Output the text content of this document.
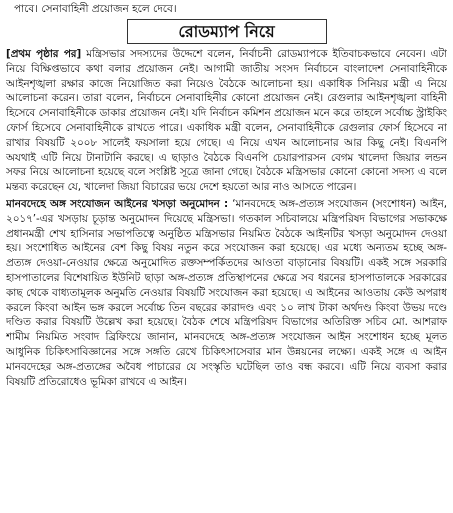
পাবে। সেনাবাহিনী প্রয়োজন হলে দেবে।
রোডম্যাপ নিয়ে

[প্রথম পৃষ্ঠার পর] মন্ত্রিসভার সদস্যদের উদ্দেশে বলেন, নির্বাচনী রোডম্যাপকে ইতিবাচকভাবে নেবেন। এটা নিয়ে বিক্ষিপ্তভাবে কথা বলার প্রয়োজন নেই। আগামী জাতীয় সংসদ নির্বাচনে বাংলাদেশ সেনাবাহিনীকে আইনশৃঙ্খলা রক্ষার কাজে নিয়োজিত করা নিয়েও বৈঠকে আলোচনা হয়। একাধিক সিনিয়র মন্ত্রী এ নিয়ে আলোচনা করেন। তারা বলেন, নির্বাচনে সেনাবাহিনীর কোনো প্রয়োজন নেই। রেগুলার আইনশৃঙ্খলা বাহিনী হিসেবে সেনাবাহিনীকে ডাকার প্রয়োজন নেই। যদি নির্বাচন কমিশন প্রয়োজন মনে করে তাহলে সর্বোচ্চ স্ট্রাইকিং ফোর্স হিসেবে সেনাবাহিনীকে রাখতে পারে। একাধিক মন্ত্রী বলেন, সেনাবাহিনীকে রেগুলার ফোর্স হিসেবে না রাখার বিষয়টি ২০০৮ সালেই ফয়সালা হয়ে গেছে। এ নিয়ে এখন আলোচনার আর কিছু নেই। বিএনপি অযথাই এটি নিয়ে টানাটানি করছে। এ ছাড়াও বৈঠকে বিএনপি চেয়ারপারসন বেগম খালেদা জিয়ার লন্ডন সফর নিয়ে আলোচনা হয়েছে বলে সংশ্লিষ্ট সূত্রে জানা গেছে। বৈঠকে মন্ত্রিসভার কোনো কোনো সদস্য এ বলে মন্তব্য করেছেন যে, খালেদা জিয়া বিচারের ভয়ে দেশে হয়তো আর নাও আসতে পারেন।

মানবদেহে অঙ্গ সংযোজন আইনের খসড়া অনুমোদন : ‘মানবদেহে অঙ্গ-প্রত্যঙ্গ সংযোজন (সংশোধন) আইন, ২০১৭’-এর খসড়ায় চূড়ান্ত অনুমোদন দিয়েছে মন্ত্রিসভা। গতকাল সচিবালয়ে মন্ত্রিপরিষদ বিভাগের সভাকক্ষে প্রধানমন্ত্রী শেখ হাসিনার সভাপতিত্বে অনুষ্ঠিত মন্ত্রিসভার নিয়মিত বৈঠকে আইনটির খসড়া অনুমোদন দেওয়া হয়। সংশোধিত আইনের বেশ কিছু বিষয় নতুন করে সংযোজন করা হয়েছে। এর মধ্যে অন্যতম হচ্ছে অঙ্গ-প্রত্যঙ্গ দেওয়া-নেওয়ার ক্ষেত্রে অনুমোদিত রক্তসম্পর্কিতদের আওতা বাড়ানোর বিষয়টি। একই সঙ্গে সরকারি হাসপাতালের বিশেষায়িত ইউনিট ছাড়া অঙ্গ-প্রত্যঙ্গ প্রতিস্থাপনের ক্ষেত্রে সব ধরনের হাসপাতালকে সরকারের কাছ থেকে বাধ্যতামূলক অনুমতি নেওয়ার বিষয়টি সংযোজন করা হয়েছে। এ আইনের আওতায় কেউ অপরাধ করলে কিংবা আইন ভঙ্গ করলে সর্বোচ্চ তিন বছরের কারাদণ্ড এবং ১০ লাখ টাকা অর্থদণ্ড কিংবা উভয় দণ্ডে দণ্ডিত করার বিষয়টি উল্লেখ করা হয়েছে। বৈঠক শেষে মন্ত্রিপরিষদ বিভাগের অতিরিক্ত সচিব মো. আশরাফ শামীম নিয়মিত সংবাদ ব্রিফিংয়ে জানান, মানবদেহে অঙ্গ-প্রত্যঙ্গ সংযোজন আইন সংশোধন হচ্ছে মূলত আধুনিক চিকিৎসাবিজ্ঞানের সঙ্গে সঙ্গতি রেখে চিকিৎসাসেবার মান উন্নয়নের লক্ষ্যে। একই সঙ্গে এ আইন মানবদেহের অঙ্গ-প্রত্যঙ্গের অবৈধ পাচারের যে সংস্কৃতি ঘটেছিল তাও বন্ধ করবে। এটি নিয়ে ব্যবসা করার বিষয়টি প্রতিরোধেও ভূমিকা রাখবে এ আইন।
